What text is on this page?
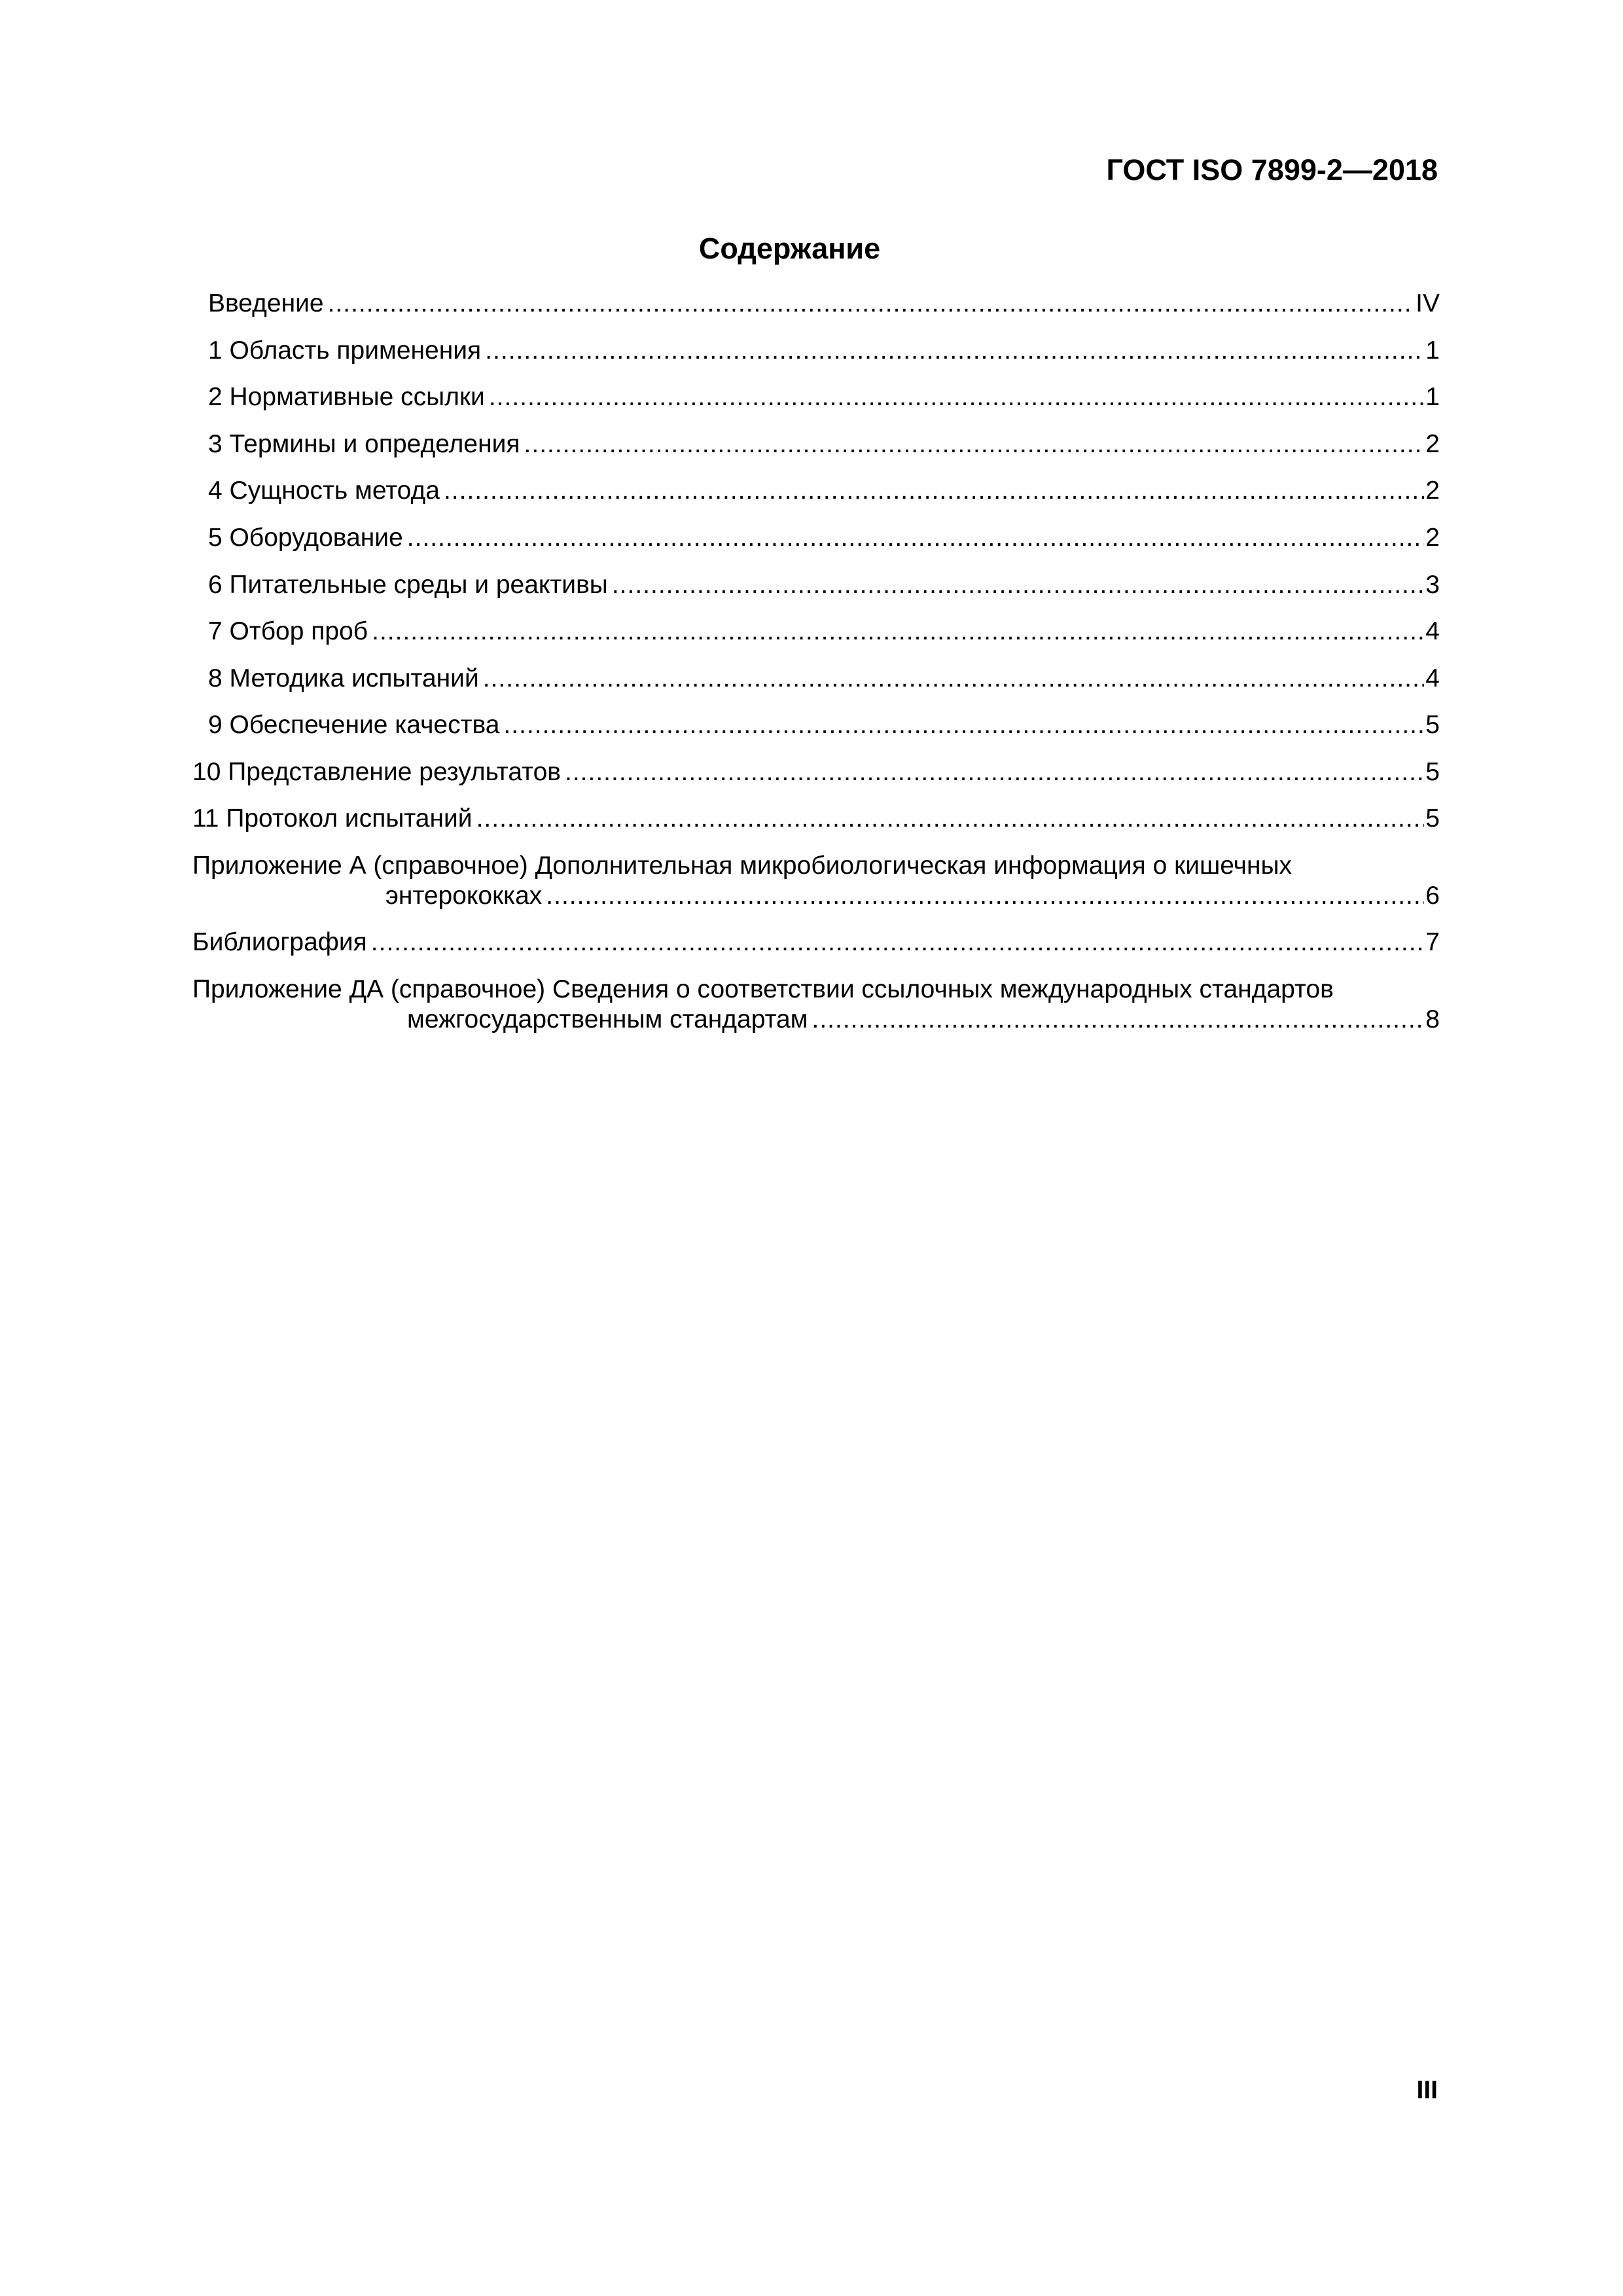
ГОСТ ISO 7899-2—2018
Содержание
Введение .....	IV
1 Область применения .....	1
2 Нормативные ссылки .....	1
3 Термины и определения .....	2
4 Сущность метода .....	2
5 Оборудование .....	2
6 Питательные среды и реактивы .....	3
7 Отбор проб .....	4
8 Методика испытаний .....	4
9 Обеспечение качества .....	5
10 Представление результатов .....	5
11 Протокол испытаний .....	5
Приложение А (справочное) Дополнительная микробиологическая информация о кишечных
энтерококках .....	6
Библиография .....	7
Приложение ДА (справочное) Сведения о соответствии ссылочных международных стандартов
межгосударственным стандартам .....	8
III
